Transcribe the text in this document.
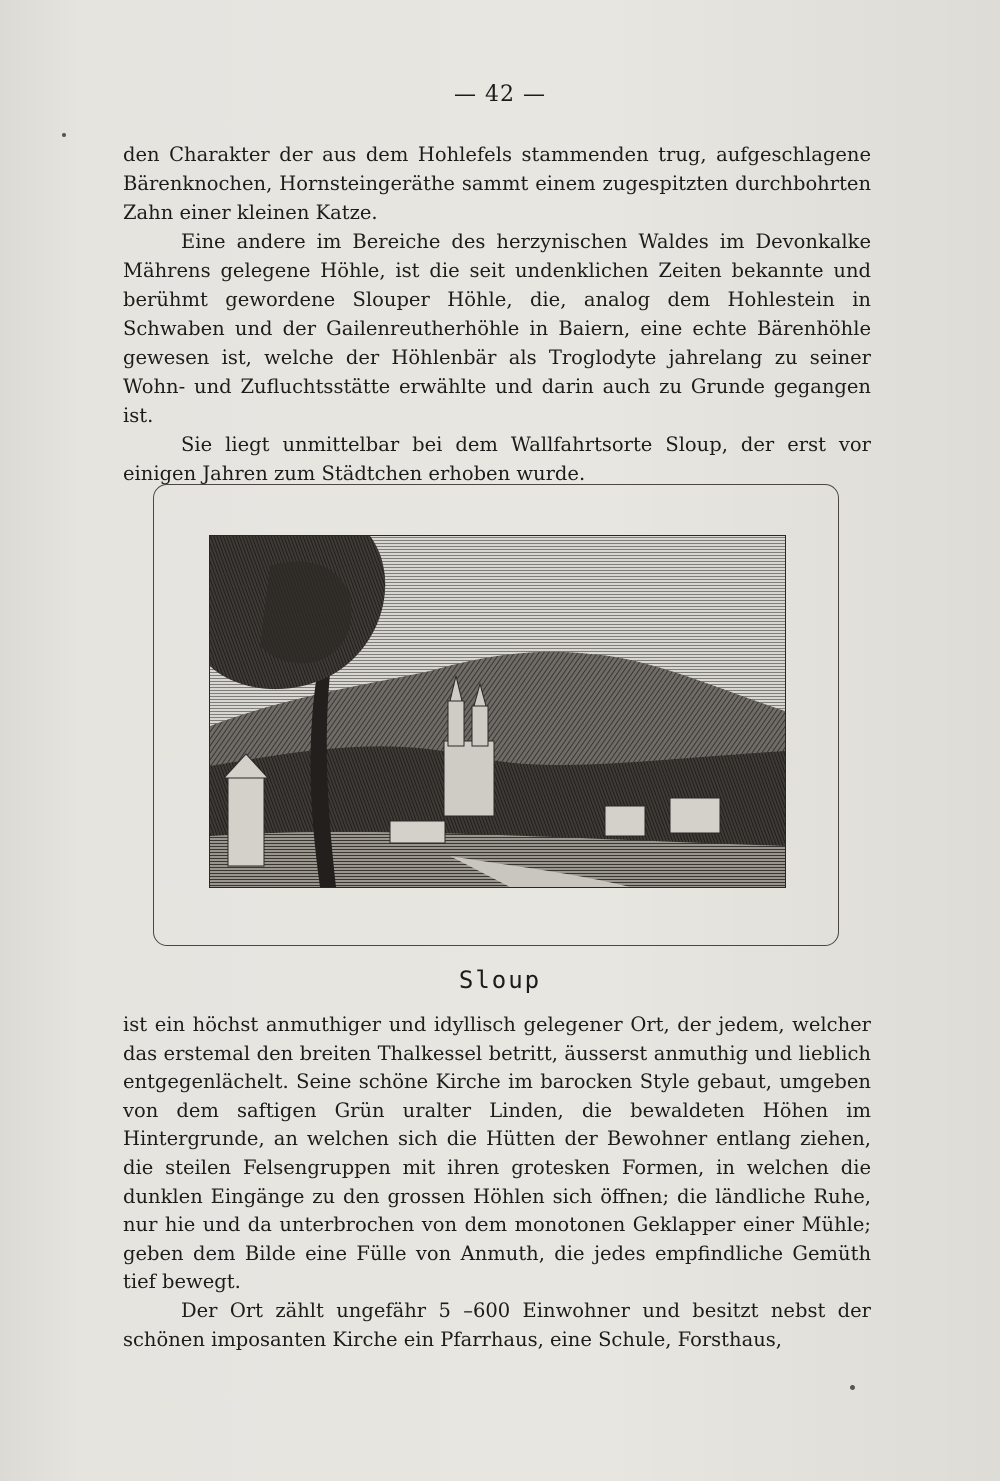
— 42 —

den Charakter der aus dem Hohlefels stammenden trug, aufgeschlagene Bärenknochen, Hornsteingeräthe sammt einem zugespitzten durchbohrten Zahn einer kleinen Katze.

Eine andere im Bereiche des herzynischen Waldes im Devonkalke Mährens gelegene Höhle, ist die seit undenklichen Zeiten bekannte und berühmt gewordene Slouper Höhle, die, analog dem Hohlestein in Schwaben und der Gailenreutherhöhle in Baiern, eine echte Bärenhöhle gewesen ist, welche der Höhlenbär als Troglodyte jahrelang zu seiner Wohn- und Zufluchtsstätte erwählte und darin auch zu Grunde gegangen ist.

Sie liegt unmittelbar bei dem Wallfahrtsorte Sloup, der erst vor einigen Jahren zum Städtchen erhoben wurde.

Sloup

ist ein höchst anmuthiger und idyllisch gelegener Ort, der jedem, welcher das erstemal den breiten Thalkessel betritt, äusserst anmuthig und lieblich entgegenlächelt. Seine schöne Kirche im barocken Style gebaut, umgeben von dem saftigen Grün uralter Linden, die bewaldeten Höhen im Hintergrunde, an welchen sich die Hütten der Bewohner entlang ziehen, die steilen Felsengruppen mit ihren grotesken Formen, in welchen die dunklen Eingänge zu den grossen Höhlen sich öffnen; die ländliche Ruhe, nur hie und da unterbrochen von dem monotonen Geklapper einer Mühle; geben dem Bilde eine Fülle von Anmuth, die jedes empfindliche Gemüth tief bewegt.

Der Ort zählt ungefähr 5 –600 Einwohner und besitzt nebst der schönen imposanten Kirche ein Pfarrhaus, eine Schule, Forsthaus,
